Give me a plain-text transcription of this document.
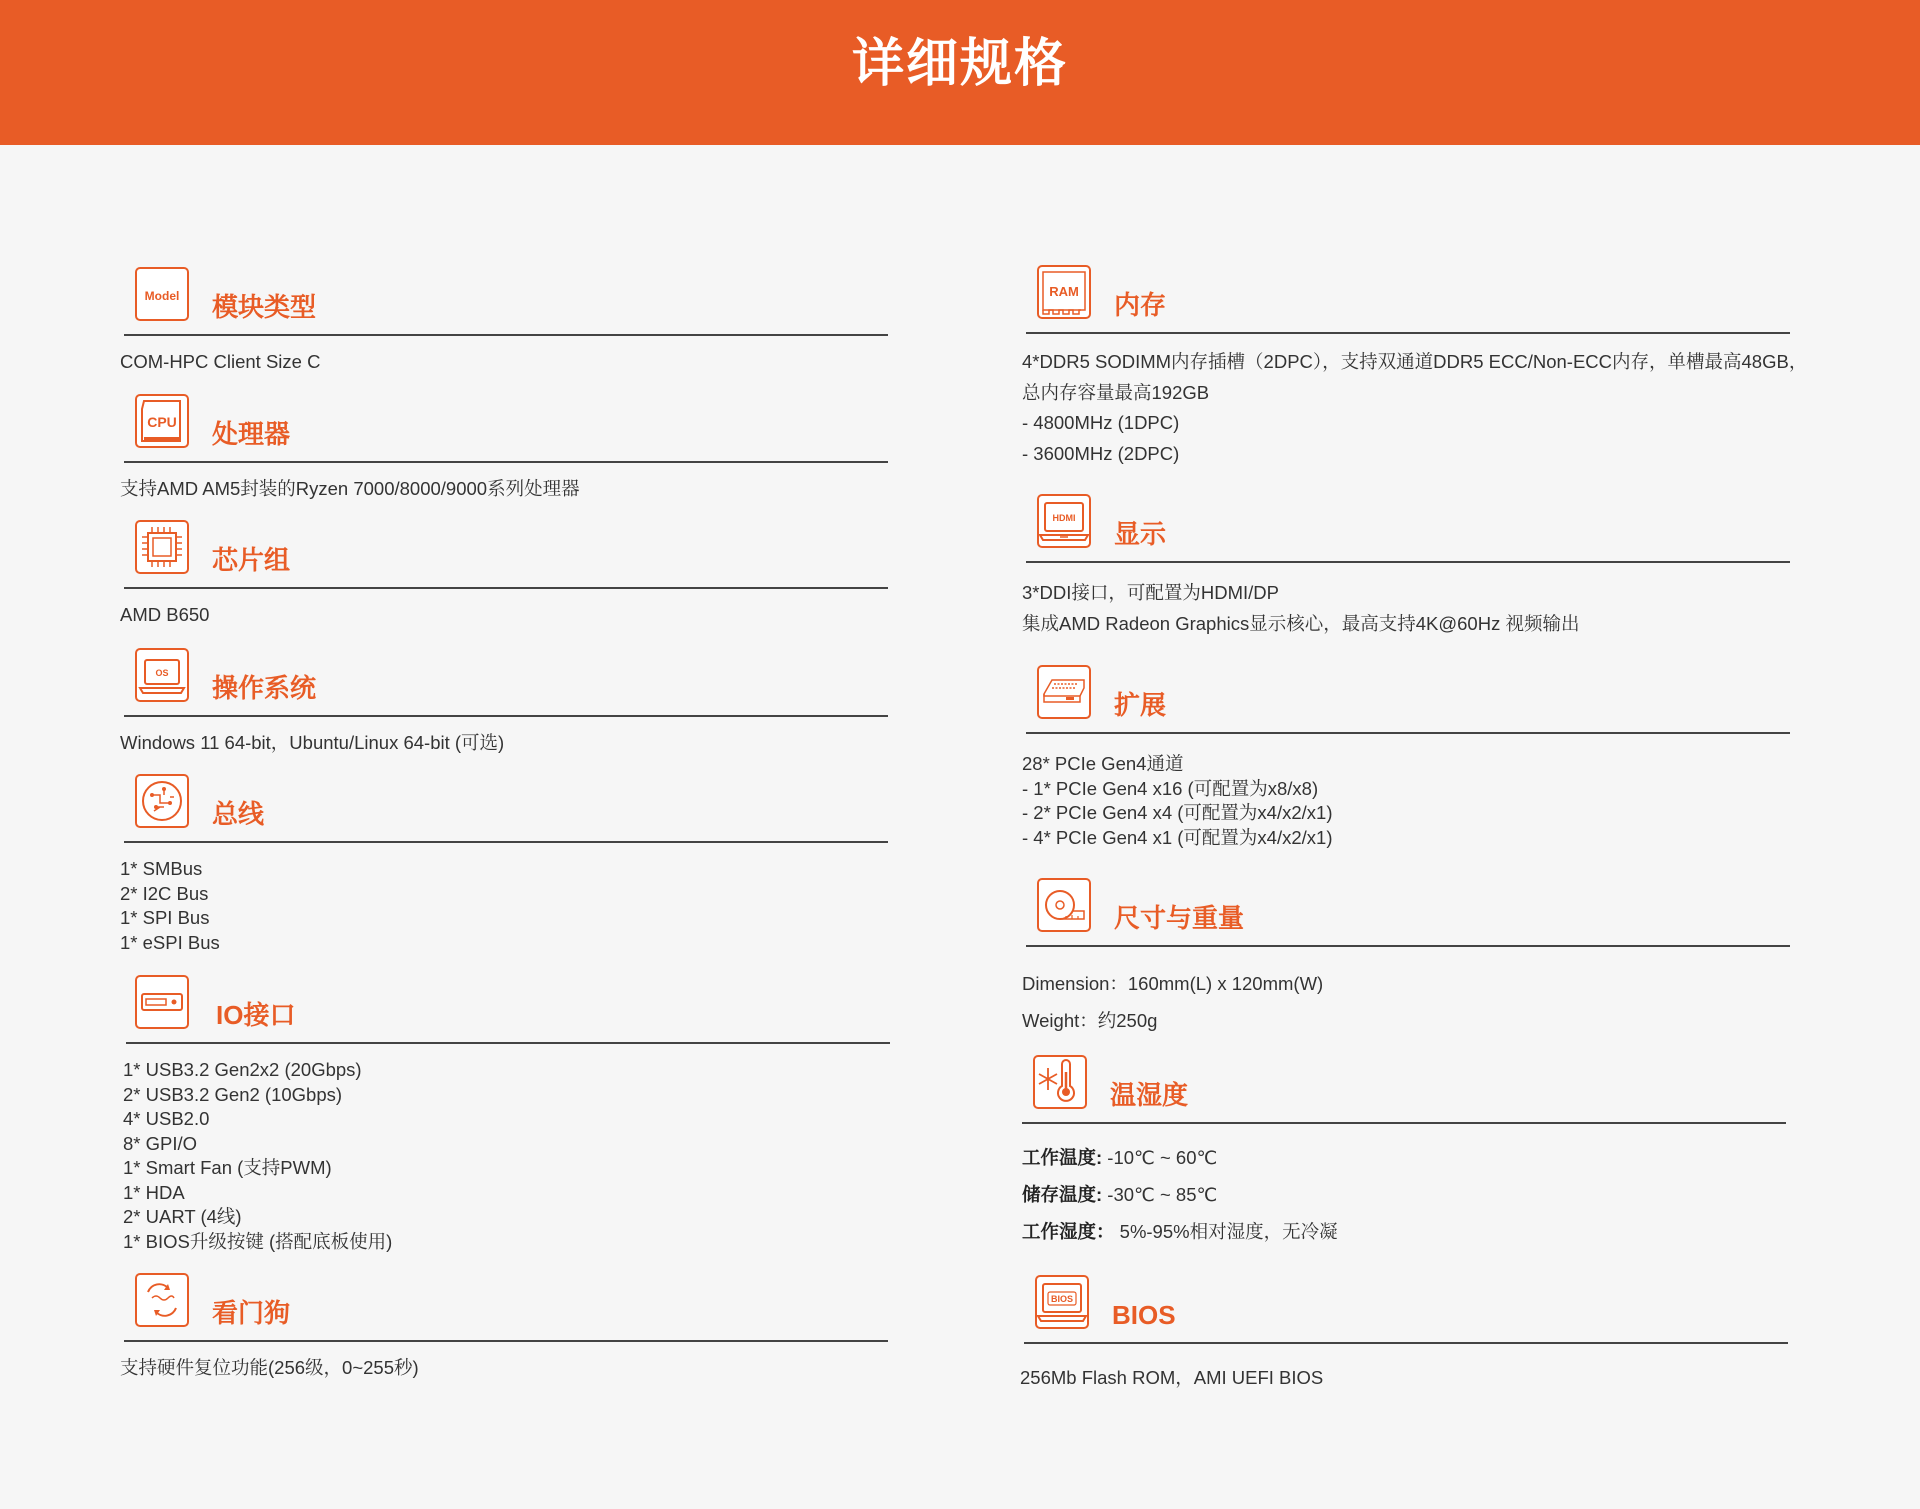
详细规格
Model 模块类型
COM-HPC Client Size C
CPU 处理器
支持AMD AM5封装的Ryzen 7000/8000/9000系列处理器
芯片组
AMD B650
OS 操作系统
Windows 11 64-bit，Ubuntu/Linux 64-bit (可选)
总线
1* SMBus
2* I2C Bus
1* SPI Bus
1* eSPI Bus
IO接口
1* USB3.2 Gen2x2 (20Gbps)
2* USB3.2 Gen2 (10Gbps)
4* USB2.0
8* GPI/O
1* Smart Fan (支持PWM)
1* HDA
2* UART (4线)
1* BIOS升级按键 (搭配底板使用)
看门狗
支持硬件复位功能(256级，0~255秒)
RAM 内存
4*DDR5 SODIMM内存插槽（2DPC），支持双通道DDR5 ECC/Non-ECC内存，单槽最高48GB，
总内存容量最高192GB
- 4800MHz (1DPC)
- 3600MHz (2DPC)
HDMI
显示
3*DDI接口，可配置为HDMI/DP
集成AMD Radeon Graphics显示核心，最高支持4K@60Hz 视频输出
扩展
28* PCIe Gen4通道
- 1* PCIe Gen4 x16 (可配置为x8/x8)
- 2* PCIe Gen4 x4 (可配置为x4/x2/x1)
- 4* PCIe Gen4 x1 (可配置为x4/x2/x1)
尺寸与重量
Dimension：160mm(L) x 120mm(W)
Weight：约250g
温湿度
工作温度: -10℃ ~ 60℃
储存温度: -30℃ ~ 85℃
工作湿度： 5%-95%相对湿度，无冷凝
BIOS
BIOS
256Mb Flash ROM，AMI UEFI BIOS
